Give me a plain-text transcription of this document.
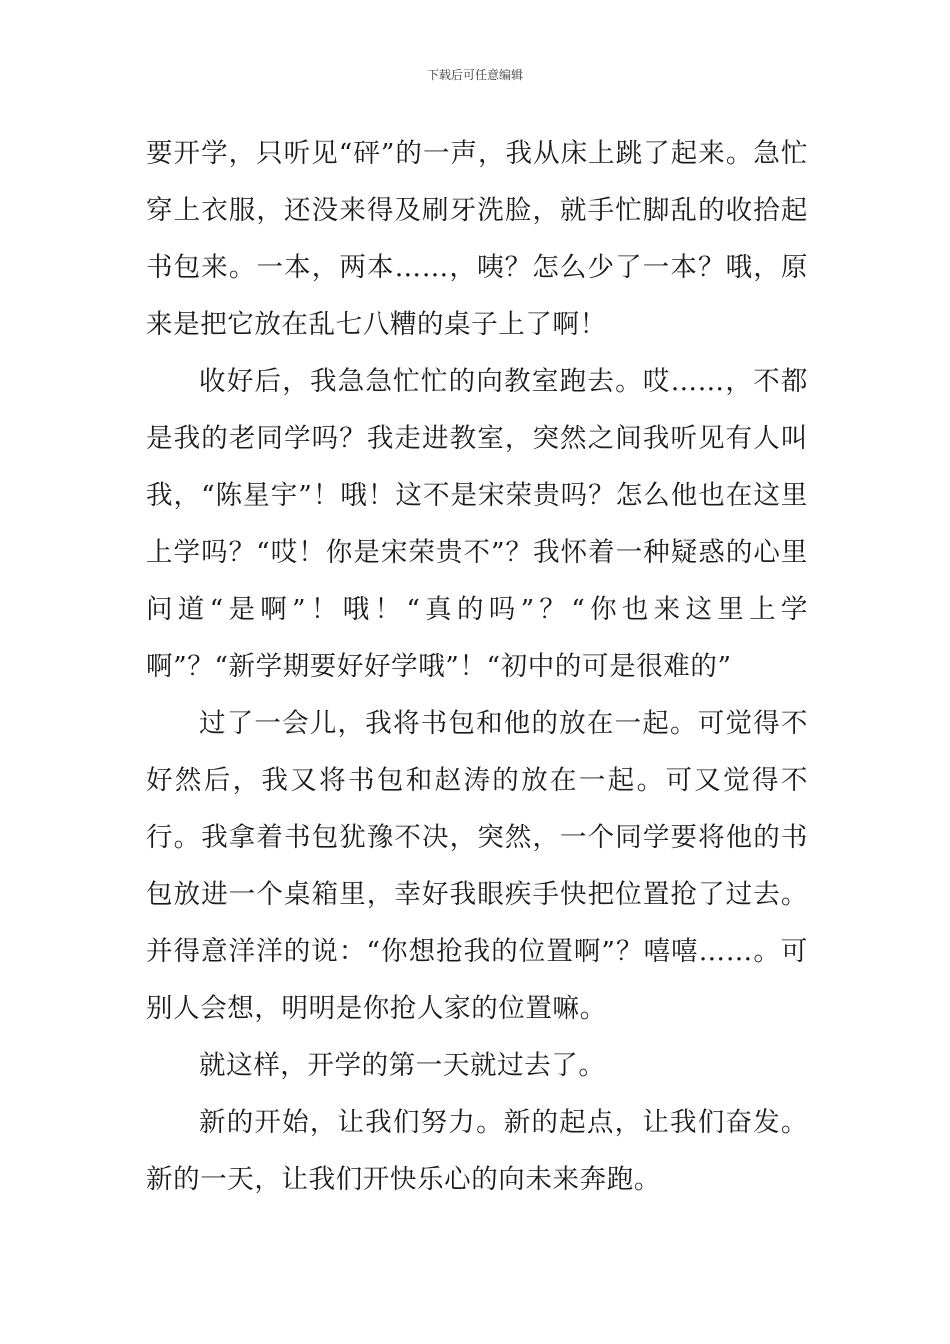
下载后可任意编辑

要开学，只听见“砰”的一声，我从床上跳了起来。急忙穿上衣服，还没来得及刷牙洗脸，就手忙脚乱的收拾起书包来。一本，两本……，咦？怎么少了一本？哦，原来是把它放在乱七八糟的桌子上了啊！

收好后，我急急忙忙的向教室跑去。哎……，不都是我的老同学吗？我走进教室，突然之间我听见有人叫我，“陈星宇”！哦！这不是宋荣贵吗？怎么他也在这里上学吗？“哎！你是宋荣贵不”？我怀着一种疑惑的心里问道“是啊”！哦！“真的吗”？“你也来这里上学啊”？“新学期要好好学哦”！“初中的可是很难的”

过了一会儿，我将书包和他的放在一起。可觉得不好然后，我又将书包和赵涛的放在一起。可又觉得不行。我拿着书包犹豫不决，突然，一个同学要将他的书包放进一个桌箱里，幸好我眼疾手快把位置抢了过去。并得意洋洋的说：“你想抢我的位置啊”？嘻嘻……。可别人会想，明明是你抢人家的位置嘛。

就这样，开学的第一天就过去了。

新的开始，让我们努力。新的起点，让我们奋发。新的一天，让我们开快乐心的向未来奔跑。
